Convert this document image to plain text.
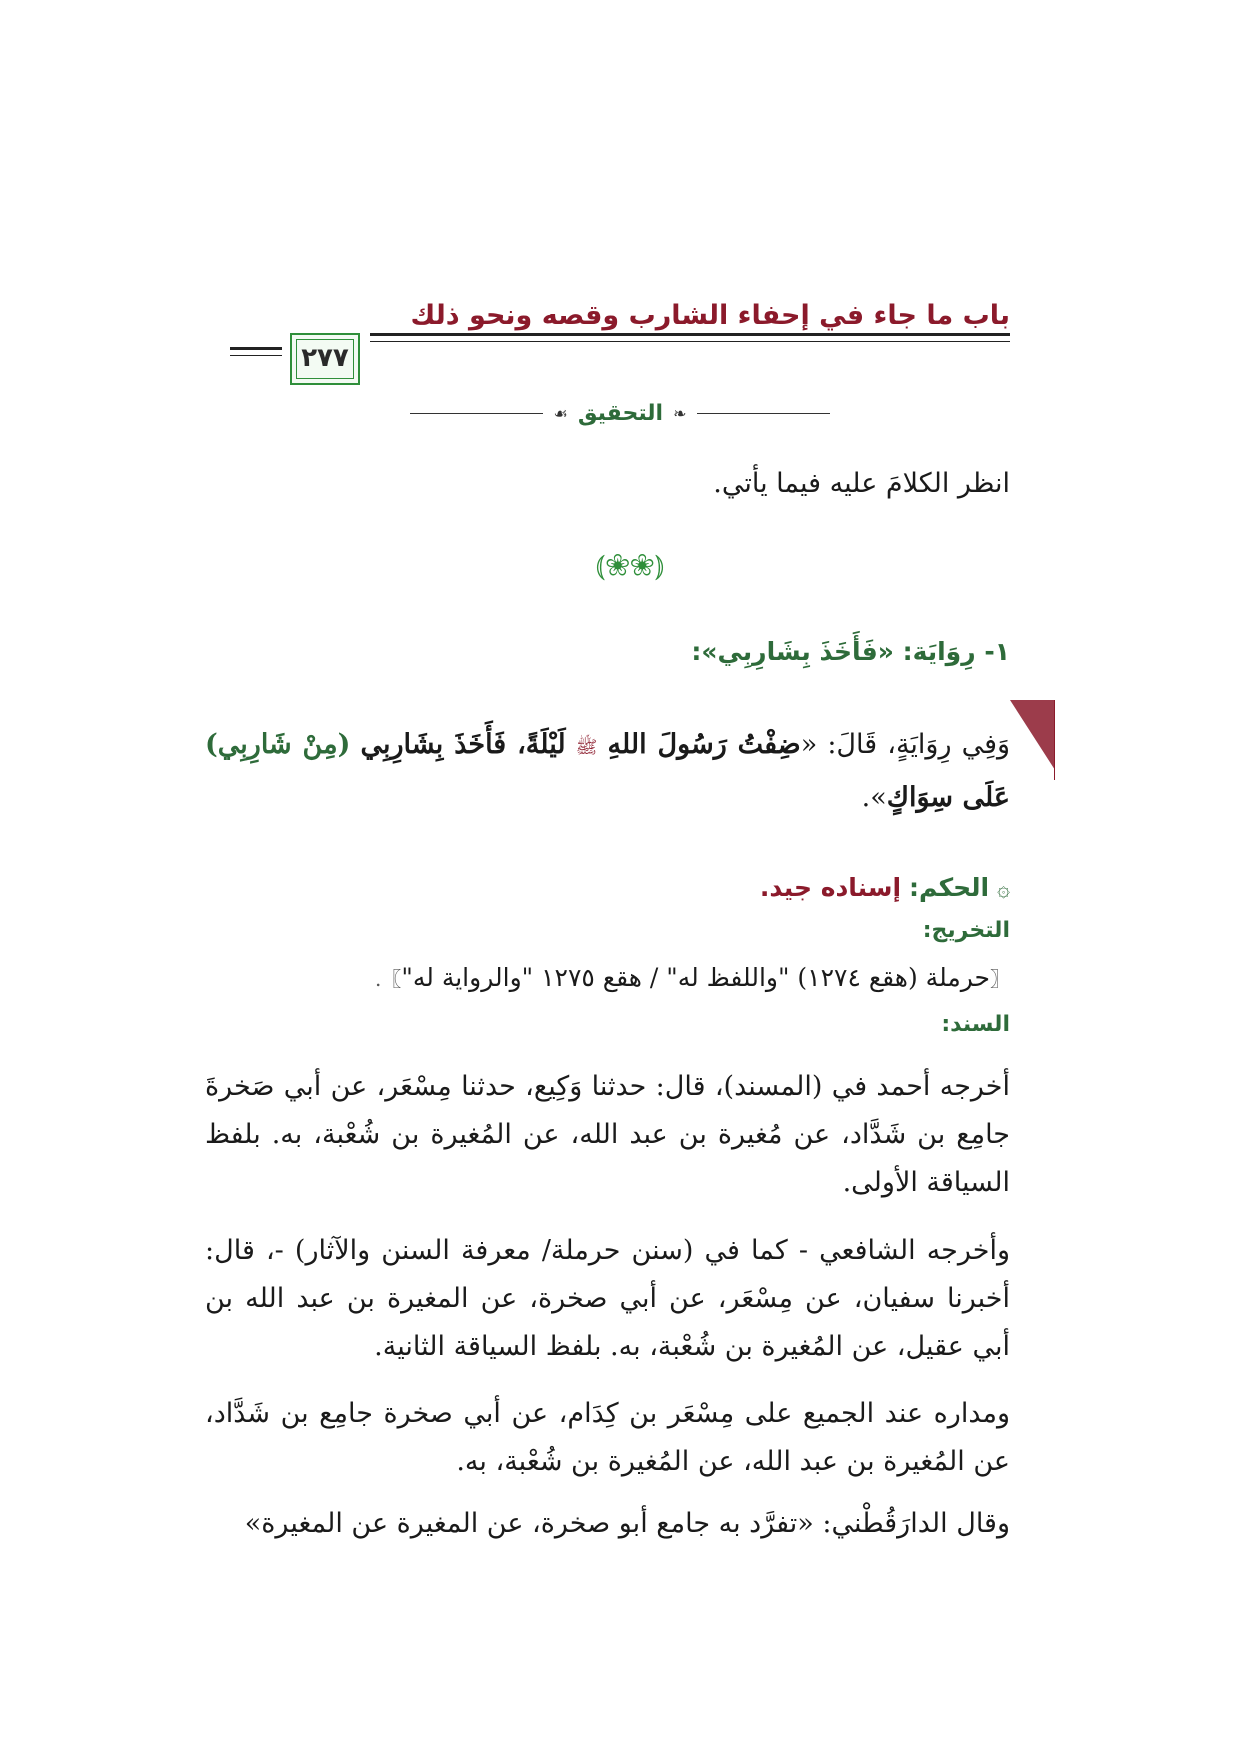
باب ما جاء في إحفاء الشارب وقصه ونحو ذلك
٢٧٧
❧
التحقيق
☙
انظر الكلامَ عليه فيما يأتي.
⦅❀❀⦆
١- رِوَايَة: «فَأَخَذَ بِشَارِبِي»:
وَفِي رِوَايَةٍ، قَالَ: «ضِفْتُ رَسُولَ اللهِ ﷺ لَيْلَةً، فَأَخَذَ بِشَارِبِي (مِنْ شَارِبِي) عَلَى سِوَاكٍ».
۞الحكم: إسناده جيد.
التخريج:
〖حرملة (هقع ١٢٧٤) "واللفظ له" / هقع ١٢٧٥ "والرواية له"〗.
السند:
أخرجه أحمد في (المسند)، قال: حدثنا وَكِيع، حدثنا مِسْعَر، عن أبي صَخرةَ جامِع بن شَدَّاد، عن مُغيرة بن عبد الله، عن المُغيرة بن شُعْبة، به. بلفظ السياقة الأولى.
وأخرجه الشافعي - كما في (سنن حرملة/ معرفة السنن والآثار) -، قال: أخبرنا سفيان، عن مِسْعَر، عن أبي صخرة، عن المغيرة بن عبد الله بن أبي عقيل، عن المُغيرة بن شُعْبة، به. بلفظ السياقة الثانية.
ومداره عند الجميع على مِسْعَر بن كِدَام، عن أبي صخرة جامِع بن شَدَّاد، عن المُغيرة بن عبد الله، عن المُغيرة بن شُعْبة، به.
وقال الدارَقُطْني: «تفرَّد به جامع أبو صخرة، عن المغيرة عن المغيرة»
